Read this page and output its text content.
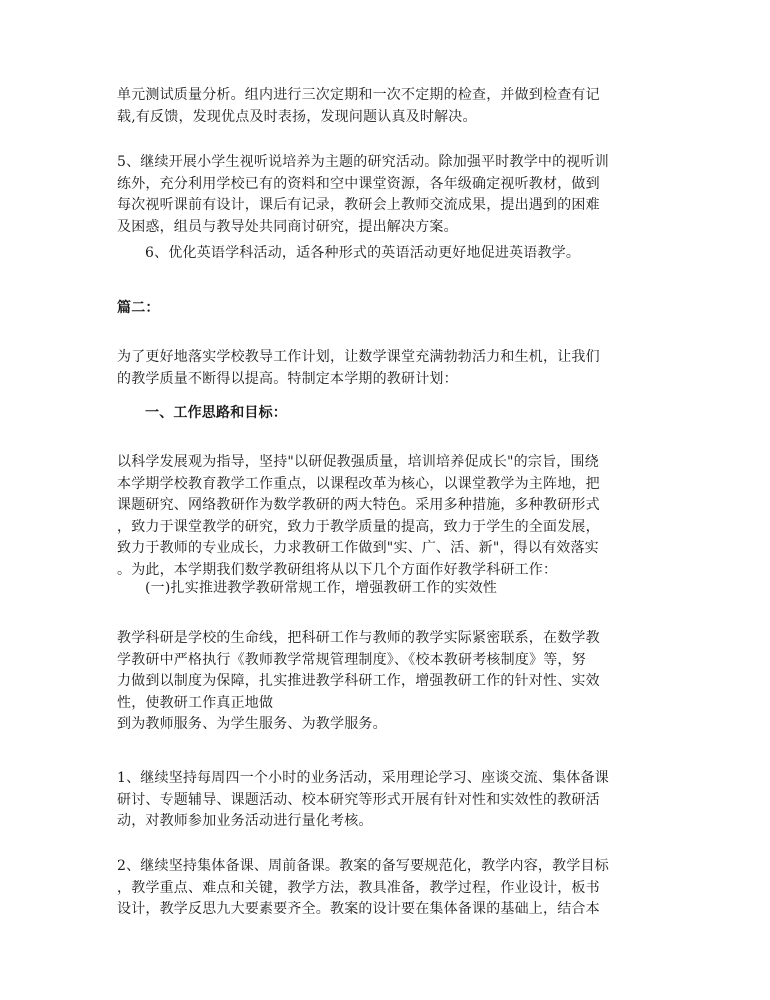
单元测试质量分析。组内进行三次定期和一次不定期的检查，并做到检查有记
载,有反馈，发现优点及时表扬，发现问题认真及时解决。
5、继续开展小学生视听说培养为主题的研究活动。除加强平时教学中的视听训
练外，充分利用学校已有的资料和空中课堂资源，各年级确定视听教材，做到
每次视听课前有设计，课后有记录，教研会上教师交流成果，提出遇到的困难
及困惑，组员与教导处共同商讨研究，提出解决方案。
6、优化英语学科活动，适各种形式的英语活动更好地促进英语教学。
篇二：
为了更好地落实学校教导工作计划，让数学课堂充满勃勃活力和生机，让我们
的教学质量不断得以提高。特制定本学期的教研计划：
一、工作思路和目标：
以科学发展观为指导，坚持"以研促教强质量，培训培养促成长"的宗旨，围绕
本学期学校教育教学工作重点，以课程改革为核心，以课堂教学为主阵地，把
课题研究、网络教研作为数学教研的两大特色。采用多种措施，多种教研形式
，致力于课堂教学的研究，致力于教学质量的提高，致力于学生的全面发展，
致力于教师的专业成长，力求教研工作做到"实、广、活、新"，得以有效落实
。为此，本学期我们数学教研组将从以下几个方面作好教学科研工作：
(一)扎实推进教学教研常规工作，增强教研工作的实效性
教学科研是学校的生命线，把科研工作与教师的教学实际紧密联系，在数学教
学教研中严格执行《教师教学常规管理制度》、《校本教研考核制度》等，努
力做到以制度为保障，扎实推进教学科研工作，增强教研工作的针对性、实效
性，使教研工作真正地做
到为教师服务、为学生服务、为教学服务。
1、继续坚持每周四一个小时的业务活动，采用理论学习、座谈交流、集体备课
研讨、专题辅导、课题活动、校本研究等形式开展有针对性和实效性的教研活
动，对教师参加业务活动进行量化考核。
2、继续坚持集体备课、周前备课。教案的备写要规范化，教学内容，教学目标
，教学重点、难点和关键，教学方法，教具准备，教学过程，作业设计，板书
设计，教学反思九大要素要齐全。教案的设计要在集体备课的基础上，结合本
